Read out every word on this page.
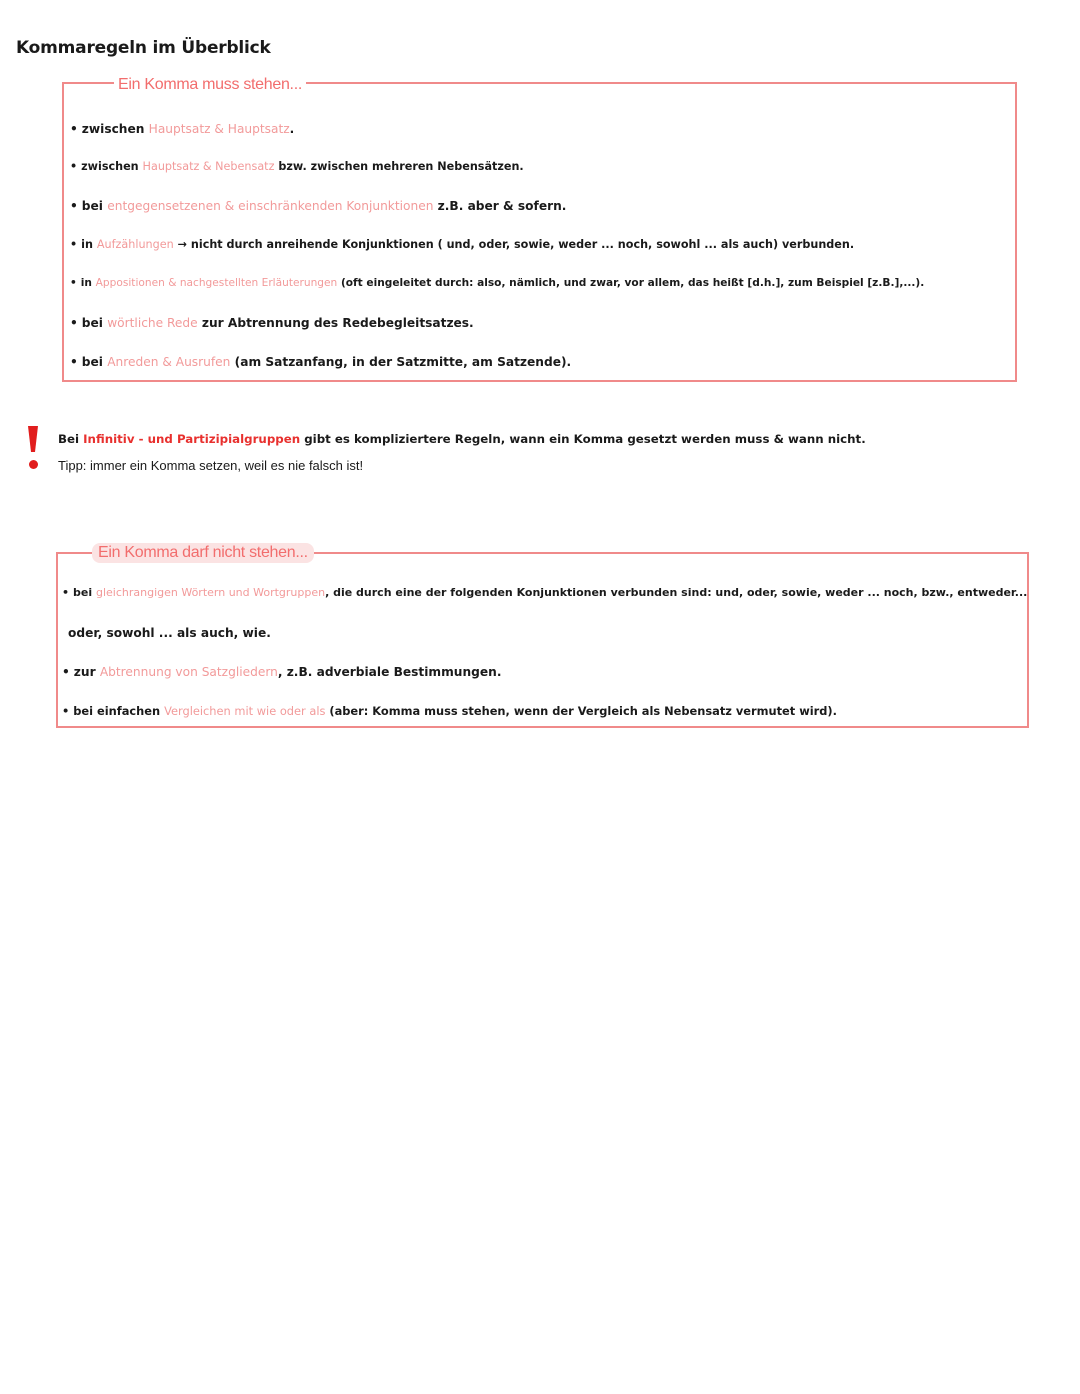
Kommaregeln im Überblick
Ein Komma muss stehen...
• zwischen Hauptsatz & Hauptsatz.
• zwischen Hauptsatz & Nebensatz bzw. zwischen mehreren Nebensätzen.
• bei entgegensetzenen & einschränkenden Konjunktionen z.B. aber & sofern.
• in Aufzählungen → nicht durch anreihende Konjunktionen ( und, oder, sowie, weder ... noch, sowohl ... als auch) verbunden.
• in Appositionen & nachgestellten Erläuterungen (oft eingeleitet durch: also, nämlich, und zwar, vor allem, das heißt [d.h.], zum Beispiel [z.B.],...).
• bei wörtliche Rede zur Abtrennung des Redebegleitsatzes.
• bei Anreden & Ausrufen (am Satzanfang, in der Satzmitte, am Satzende).
Bei Infinitiv - und Partizipialgruppen gibt es kompliziertere Regeln, wann ein Komma gesetzt werden muss & wann nicht.
Tipp: immer ein Komma setzen, weil es nie falsch ist!
Ein Komma darf nicht stehen...
• bei gleichrangigen Wörtern und Wortgruppen, die durch eine der folgenden Konjunktionen verbunden sind: und, oder, sowie, weder ... noch, bzw., entweder...
oder, sowohl ... als auch, wie.
• zur Abtrennung von Satzgliedern, z.B. adverbiale Bestimmungen.
• bei einfachen Vergleichen mit wie oder als (aber: Komma muss stehen, wenn der Vergleich als Nebensatz vermutet wird).
